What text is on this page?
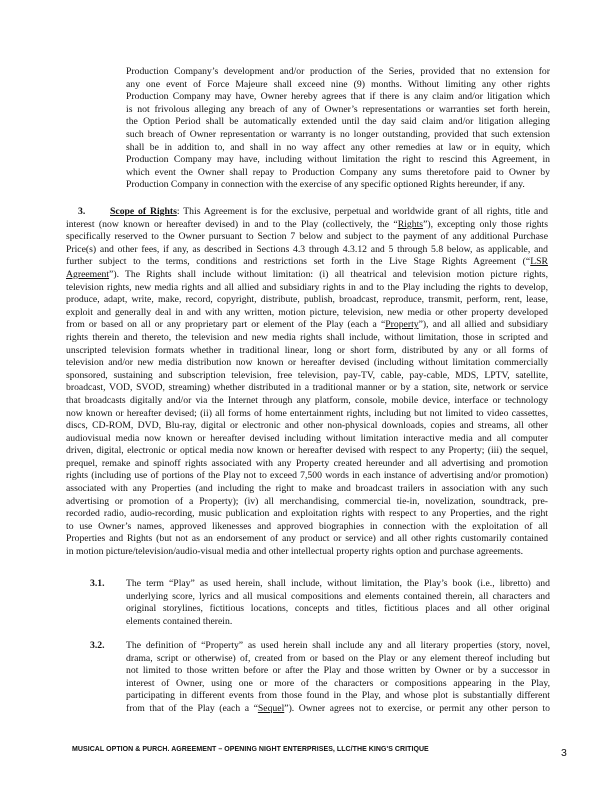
Production Company’s development and/or production of the Series, provided that no extension for
any one event of Force Majeure shall exceed nine (9) months. Without limiting any other rights
Production Company may have, Owner hereby agrees that if there is any claim and/or litigation which
is not frivolous alleging any breach of any of Owner’s representations or warranties set forth herein,
the Option Period shall be automatically extended until the day said claim and/or litigation alleging
such breach of Owner representation or warranty is no longer outstanding, provided that such extension
shall be in addition to, and shall in no way affect any other remedies at law or in equity, which
Production Company may have, including without limitation the right to rescind this Agreement, in
which event the Owner shall repay to Production Company any sums theretofore paid to Owner by
Production Company in connection with the exercise of any specific optioned Rights hereunder, if any.
3.	Scope of Rights: This Agreement is for the exclusive, perpetual and worldwide grant of all rights, title and
interest (now known or hereafter devised) in and to the Play (collectively, the “Rights”), excepting only those rights
specifically reserved to the Owner pursuant to Section 7 below and subject to the payment of any additional Purchase
Price(s) and other fees, if any, as described in Sections 4.3 through 4.3.12 and 5 through 5.8 below, as applicable, and
further subject to the terms, conditions and restrictions set forth in the Live Stage Rights Agreement (“LSR
Agreement”). The Rights shall include without limitation: (i) all theatrical and television motion picture rights,
television rights, new media rights and all allied and subsidiary rights in and to the Play including the rights to develop,
produce, adapt, write, make, record, copyright, distribute, publish, broadcast, reproduce, transmit, perform, rent, lease,
exploit and generally deal in and with any written, motion picture, television, new media or other property developed
from or based on all or any proprietary part or element of the Play (each a “Property”), and all allied and subsidiary
rights therein and thereto, the television and new media rights shall include, without limitation, those in scripted and
unscripted television formats whether in traditional linear, long or short form, distributed by any or all forms of
television and/or new media distribution now known or hereafter devised (including without limitation commercially
sponsored, sustaining and subscription television, free television, pay-TV, cable, pay-cable, MDS, LPTV, satellite,
broadcast, VOD, SVOD, streaming) whether distributed in a traditional manner or by a station, site, network or service
that broadcasts digitally and/or via the Internet through any platform, console, mobile device, interface or technology
now known or hereafter devised; (ii) all forms of home entertainment rights, including but not limited to video cassettes,
discs, CD-ROM, DVD, Blu-ray, digital or electronic and other non-physical downloads, copies and streams, all other
audiovisual media now known or hereafter devised including without limitation interactive media and all computer
driven, digital, electronic or optical media now known or hereafter devised with respect to any Property; (iii) the sequel,
prequel, remake and spinoff rights associated with any Property created hereunder and all advertising and promotion
rights (including use of portions of the Play not to exceed 7,500 words in each instance of advertising and/or promotion)
associated with any Properties (and including the right to make and broadcast trailers in association with any such
advertising or promotion of a Property); (iv) all merchandising, commercial tie-in, novelization, soundtrack, pre-
recorded radio, audio-recording, music publication and exploitation rights with respect to any Properties, and the right
to use Owner’s names, approved likenesses and approved biographies in connection with the exploitation of all
Properties and Rights (but not as an endorsement of any product or service) and all other rights customarily contained
in motion picture/television/audio-visual media and other intellectual property rights option and purchase agreements.
3.1. The term “Play” as used herein, shall include, without limitation, the Play’s book (i.e., libretto) and
underlying score, lyrics and all musical compositions and elements contained therein, all characters and
original storylines, fictitious locations, concepts and titles, fictitious places and all other original
elements contained therein.
3.2. The definition of “Property” as used herein shall include any and all literary properties (story, novel,
drama, script or otherwise) of, created from or based on the Play or any element thereof including but
not limited to those written before or after the Play and those written by Owner or by a successor in
interest of Owner, using one or more of the characters or compositions appearing in the Play,
participating in different events from those found in the Play, and whose plot is substantially different
from that of the Play (each a “Sequel”). Owner agrees not to exercise, or permit any other person to
MUSICAL OPTION & PURCH. AGREEMENT – OPENING NIGHT ENTERPRISES, LLC/THE KING'S CRITIQUE	3
